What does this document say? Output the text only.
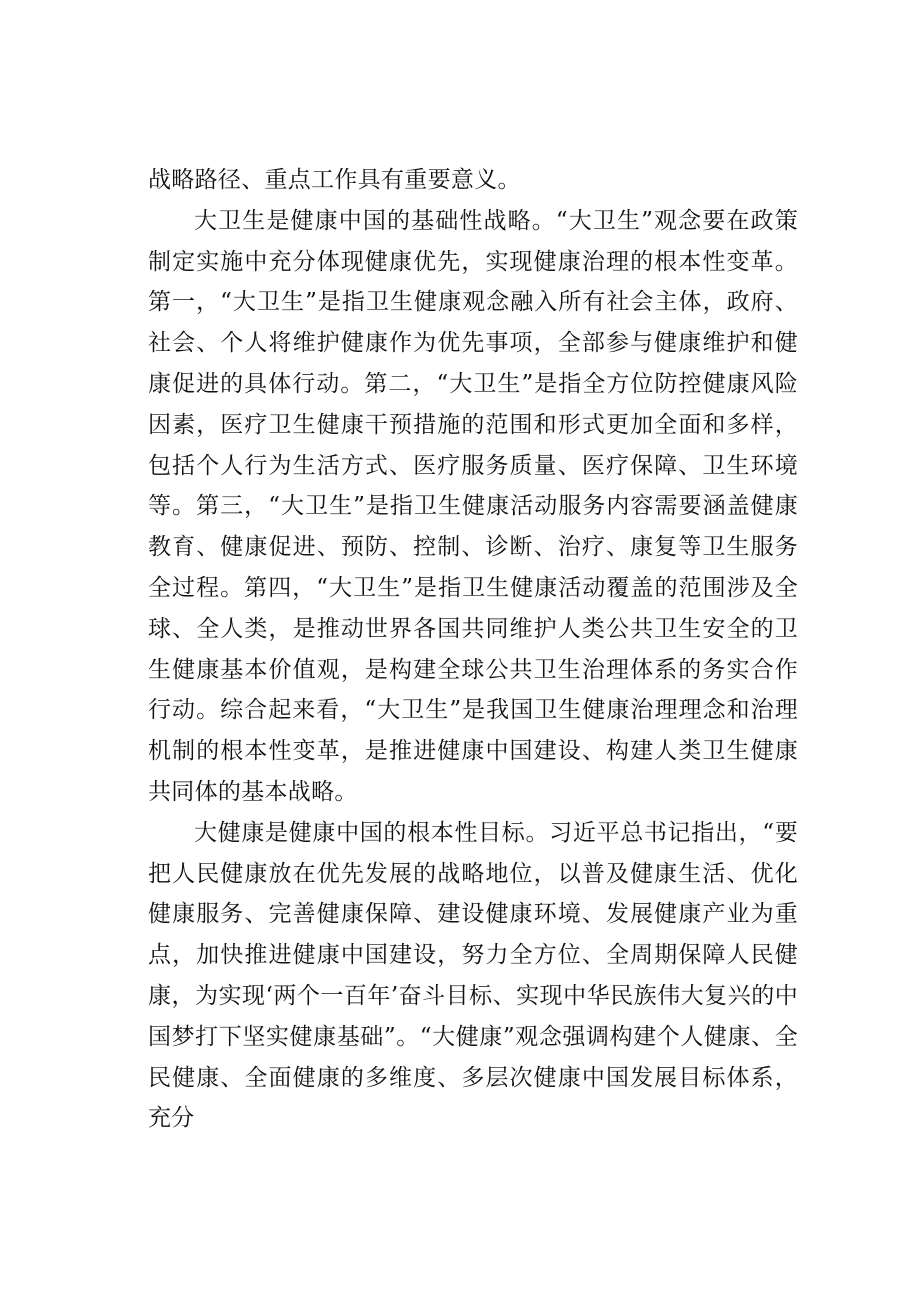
战略路径、重点工作具有重要意义。

大卫生是健康中国的基础性战略。“大卫生”观念要在政策制定实施中充分体现健康优先，实现健康治理的根本性变革。第一，“大卫生”是指卫生健康观念融入所有社会主体，政府、社会、个人将维护健康作为优先事项，全部参与健康维护和健康促进的具体行动。第二，“大卫生”是指全方位防控健康风险因素，医疗卫生健康干预措施的范围和形式更加全面和多样，包括个人行为生活方式、医疗服务质量、医疗保障、卫生环境等。第三，“大卫生”是指卫生健康活动服务内容需要涵盖健康教育、健康促进、预防、控制、诊断、治疗、康复等卫生服务全过程。第四，“大卫生”是指卫生健康活动覆盖的范围涉及全球、全人类，是推动世界各国共同维护人类公共卫生安全的卫生健康基本价值观，是构建全球公共卫生治理体系的务实合作行动。综合起来看，“大卫生”是我国卫生健康治理理念和治理机制的根本性变革，是推进健康中国建设、构建人类卫生健康共同体的基本战略。

大健康是健康中国的根本性目标。习近平总书记指出，“要把人民健康放在优先发展的战略地位，以普及健康生活、优化健康服务、完善健康保障、建设健康环境、发展健康产业为重点，加快推进健康中国建设，努力全方位、全周期保障人民健康，为实现‘两个一百年’奋斗目标、实现中华民族伟大复兴的中国梦打下坚实健康基础”。“大健康”观念强调构建个人健康、全民健康、全面健康的多维度、多层次健康中国发展目标体系，充分
